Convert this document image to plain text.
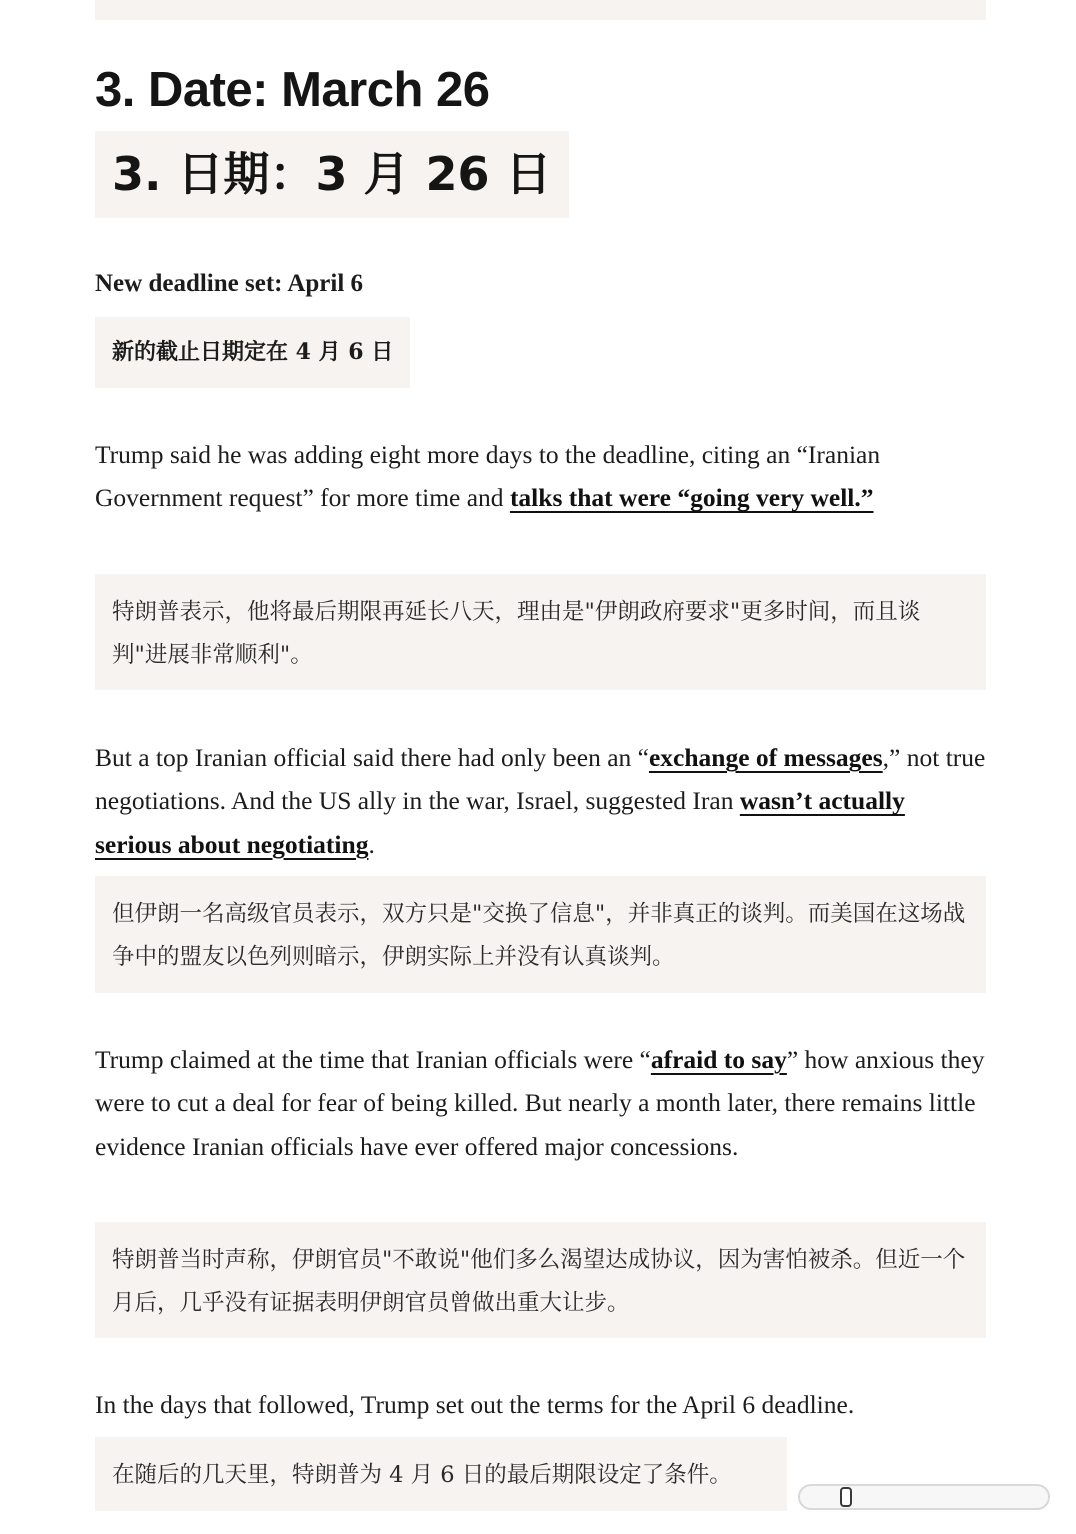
3. Date: March 26
3. 日期：3 月 26 日
New deadline set: April 6
新的截止日期定在 4 月 6 日

Trump said he was adding eight more days to the deadline, citing an “Iranian Government request” for more time and talks that were “going very well.”

特朗普表示，他将最后期限再延长八天，理由是"伊朗政府要求"更多时间，而且谈判"进展非常顺利"。

But a top Iranian official said there had only been an “exchange of messages,” not true negotiations. And the US ally in the war, Israel, suggested Iran wasn’t actually serious about negotiating.

但伊朗一名高级官员表示，双方只是"交换了信息"，并非真正的谈判。而美国在这场战争中的盟友以色列则暗示，伊朗实际上并没有认真谈判。

Trump claimed at the time that Iranian officials were “afraid to say” how anxious they were to cut a deal for fear of being killed. But nearly a month later, there remains little evidence Iranian officials have ever offered major concessions.

特朗普当时声称，伊朗官员"不敢说"他们多么渴望达成协议，因为害怕被杀。但近一个月后，几乎没有证据表明伊朗官员曾做出重大让步。

In the days that followed, Trump set out the terms for the April 6 deadline.

在随后的几天里，特朗普为 4 月 6 日的最后期限设定了条件。
